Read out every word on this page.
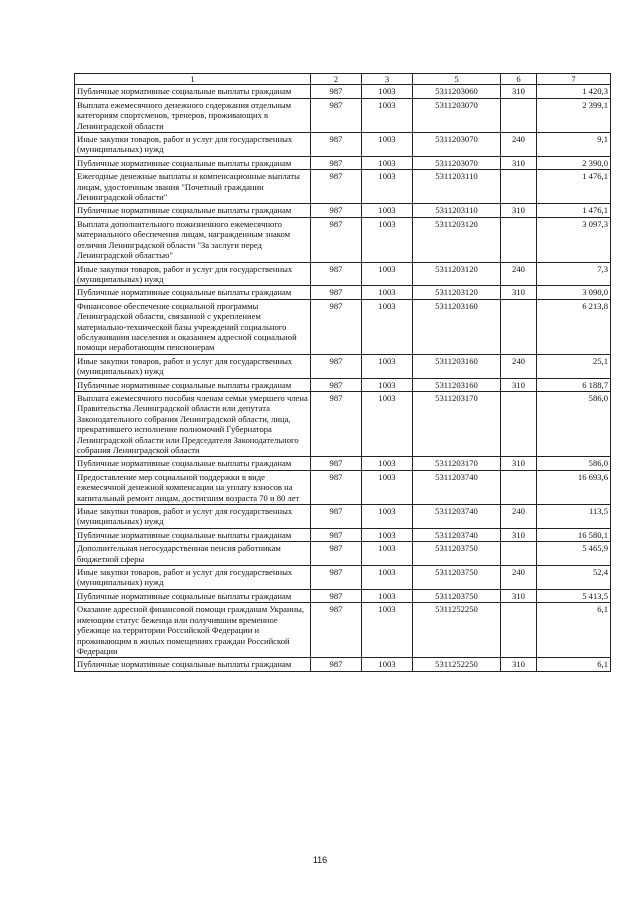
1	2	3	5	6	7
Публичные нормативные социальные выплаты гражданам	987	1003	5311203060	310	1 420,3
Выплата ежемесячного денежного содержания отдельным категориям спортсменов, тренеров, проживающих в Ленинградской области	987	1003	5311203070		2 399,1
Иные закупки товаров, работ и услуг для государственных (муниципальных) нужд	987	1003	5311203070	240	9,1
Публичные нормативные социальные выплаты гражданам	987	1003	5311203070	310	2 390,0
Ежегодные денежные выплаты и компенсационные выплаты лицам, удостоенным звания "Почетный гражданин Ленинградской области"	987	1003	5311203110		1 476,1
Публичные нормативные социальные выплаты гражданам	987	1003	5311203110	310	1 476,1
Выплата дополнительного пожизненного ежемесячного материального обеспечения лицам, награжденным знаком отличия Ленинградской области "За заслуги перед Ленинградской областью"	987	1003	5311203120		3 097,3
Иные закупки товаров, работ и услуг для государственных (муниципальных) нужд	987	1003	5311203120	240	7,3
Публичные нормативные социальные выплаты гражданам	987	1003	5311203120	310	3 090,0
Финансовое обеспечение социальной программы Ленинградской области, связанной с укреплением материально-технической базы учреждений социального обслуживания населения и оказанием адресной социальной помощи неработающим пенсионерам	987	1003	5311203160		6 213,8
Иные закупки товаров, работ и услуг для государственных (муниципальных) нужд	987	1003	5311203160	240	25,1
Публичные нормативные социальные выплаты гражданам	987	1003	5311203160	310	6 188,7
Выплата ежемесячного пособия членам семьи умершего члена Правительства Ленинградской области или депутата Законодательного собрания Ленинградской области, лица, прекратившего исполнение полномочий Губернатора Ленинградской области или Председателя Законодательного собрания Ленинградской области	987	1003	5311203170		586,0
Публичные нормативные социальные выплаты гражданам	987	1003	5311203170	310	586,0
Предоставление мер социальной поддержки в виде ежемесячной денежной компенсации на уплату взносов на капитальный ремонт лицам, достигшим возраста 70 и 80 лет	987	1003	5311203740		16 693,6
Иные закупки товаров, работ и услуг для государственных (муниципальных) нужд	987	1003	5311203740	240	113,5
Публичные нормативные социальные выплаты гражданам	987	1003	5311203740	310	16 580,1
Дополнительная негосударственная пенсия работникам бюджетной сферы	987	1003	5311203750		5 465,9
Иные закупки товаров, работ и услуг для государственных (муниципальных) нужд	987	1003	5311203750	240	52,4
Публичные нормативные социальные выплаты гражданам	987	1003	5311203750	310	5 413,5
Оказание адресной финансовой помощи гражданам Украины, имеющим статус беженца или получившим временное убежище на территории Российской Федерации и проживающим в жилых помещениях граждан Российской Федерации	987	1003	5311252250		6,1
Публичные нормативные социальные выплаты гражданам	987	1003	5311252250	310	6,1
116
